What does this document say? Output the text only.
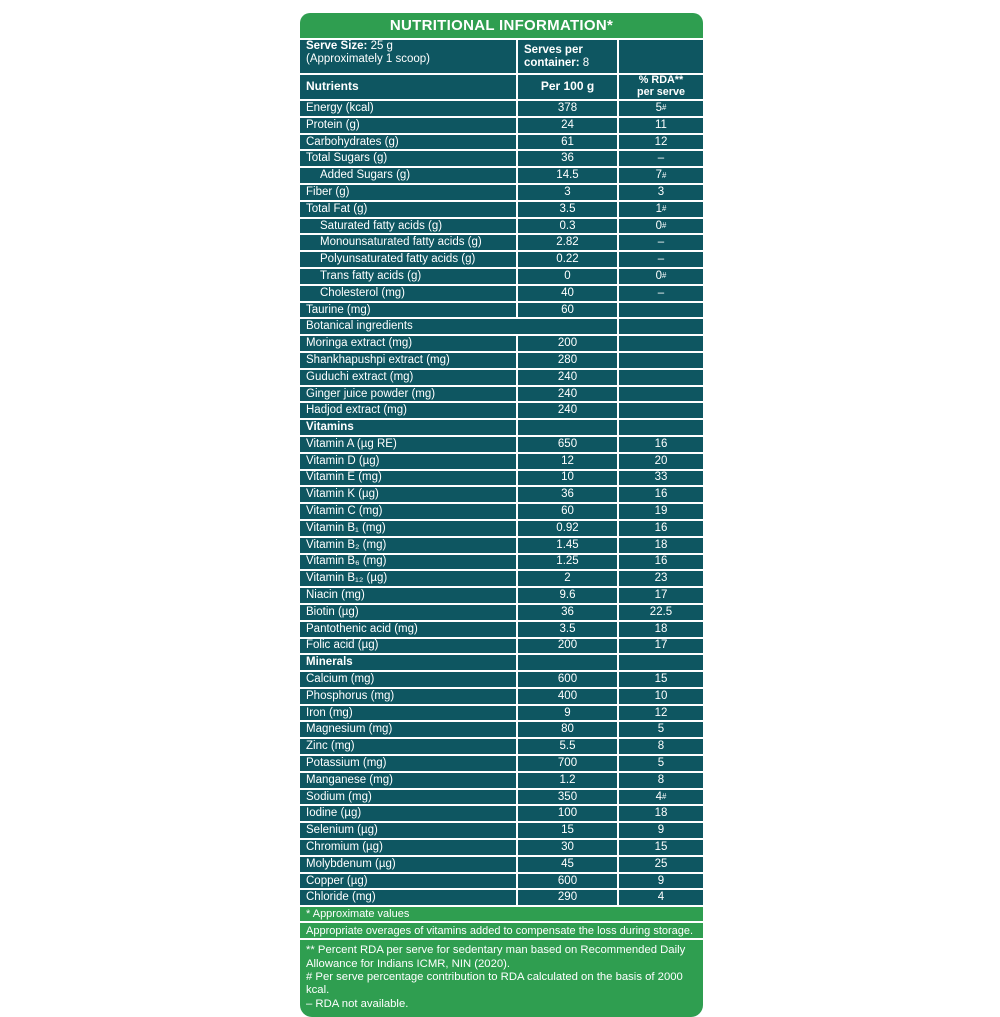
NUTRITIONAL INFORMATION*
Serve Size: 25 g
(Approximately 1 scoop)
Serves per container: 8
Nutrients	Per 100 g	% RDA**
per serve
Energy (kcal)	378	5 #
Protein (g)	24	11
Carbohydrates (g)	61	12
Total Sugars (g)	36	–
Added Sugars (g)	14.5	7 #
Fiber (g)	3	3
Total Fat (g)	3.5	1 #
Saturated fatty acids (g)	0.3	0 #
Monounsaturated fatty acids (g)	2.82	–
Polyunsaturated fatty acids (g)	0.22	–
Trans fatty acids (g)	0	0 #
Cholesterol (mg)	40	–
Taurine (mg)	60
Botanical ingredients
Moringa extract (mg)	200
Shankhapushpi extract (mg)	280
Guduchi extract (mg)	240
Ginger juice powder (mg)	240
Hadjod extract (mg)	240
Vitamins
Vitamin A (µg RE)	650	16
Vitamin D (µg)	12	20
Vitamin E (mg)	10	33
Vitamin K (µg)	36	16
Vitamin C (mg)	60	19
Vitamin B₁ (mg)	0.92	16
Vitamin B₂ (mg)	1.45	18
Vitamin B₆ (mg)	1.25	16
Vitamin B₁₂ (µg)	2	23
Niacin (mg)	9.6	17
Biotin (µg)	36	22.5
Pantothenic acid (mg)	3.5	18
Folic acid (µg)	200	17
Minerals
Calcium (mg)	600	15
Phosphorus (mg)	400	10
Iron (mg)	9	12
Magnesium (mg)	80	5
Zinc (mg)	5.5	8
Potassium (mg)	700	5
Manganese (mg)	1.2	8
Sodium (mg)	350	4 #
Iodine (µg)	100	18
Selenium (µg)	15	9
Chromium (µg)	30	15
Molybdenum (µg)	45	25
Copper (µg)	600	9
Chloride (mg)	290	4
* Approximate values
Appropriate overages of vitamins added to compensate the loss during storage.
** Percent RDA per serve for sedentary man based on Recommended Daily Allowance for Indians ICMR, NIN (2020).
# Per serve percentage contribution to RDA calculated on the basis of 2000 kcal.
– RDA not available.
